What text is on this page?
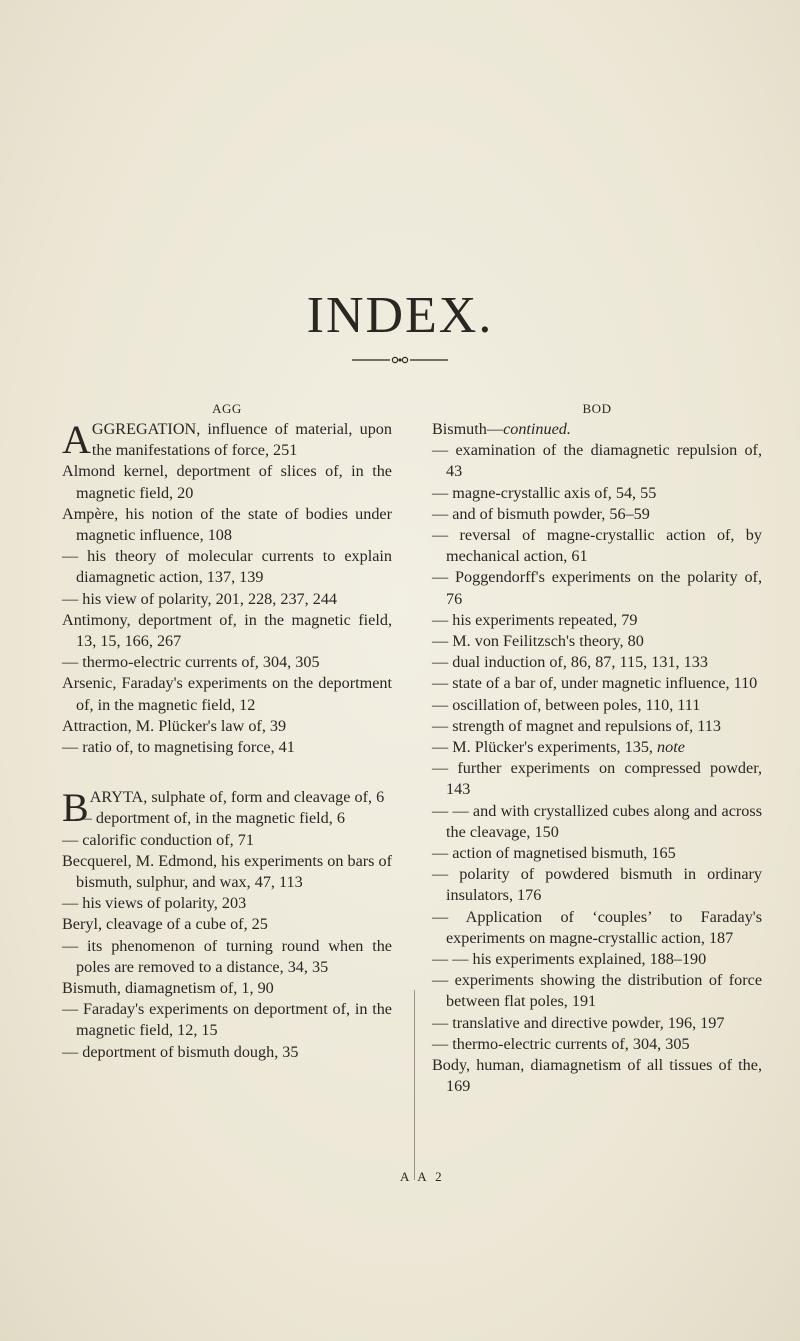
INDEX.
AGG

AGGREGATION, influence of material, upon the manifestations of force, 251

Almond kernel, deportment of slices of, in the magnetic field, 20

Ampère, his notion of the state of bodies under magnetic influence, 108

— his theory of molecular currents to explain diamagnetic action, 137, 139

— his view of polarity, 201, 228, 237, 244

Antimony, deportment of, in the magnetic field, 13, 15, 166, 267

— thermo-electric currents of, 304, 305

Arsenic, Faraday's experiments on the deportment of, in the magnetic field, 12

Attraction, M. Plücker's law of, 39

— ratio of, to magnetising force, 41

BARYTA, sulphate of, form and cleavage of, 6

— deportment of, in the magnetic field, 6

— calorific conduction of, 71

Becquerel, M. Edmond, his experiments on bars of bismuth, sulphur, and wax, 47, 113

— his views of polarity, 203

Beryl, cleavage of a cube of, 25

— its phenomenon of turning round when the poles are removed to a distance, 34, 35

Bismuth, diamagnetism of, 1, 90

— Faraday's experiments on deportment of, in the magnetic field, 12, 15

— deportment of bismuth dough, 35

BOD

Bismuth—continued.

— examination of the diamagnetic repulsion of, 43

— magne-crystallic axis of, 54, 55

— and of bismuth powder, 56–59

— reversal of magne-crystallic action of, by mechanical action, 61

— Poggendorff's experiments on the polarity of, 76

— his experiments repeated, 79

— M. von Feilitzsch's theory, 80

— dual induction of, 86, 87, 115, 131, 133

— state of a bar of, under magnetic influence, 110

— oscillation of, between poles, 110, 111

— strength of magnet and repulsions of, 113

— M. Plücker's experiments, 135, note

— further experiments on compressed powder, 143

— — and with crystallized cubes along and across the cleavage, 150

— action of magnetised bismuth, 165

— polarity of powdered bismuth in ordinary insulators, 176

— Application of ‘couples’ to Faraday's experiments on magne-crystallic action, 187

— — his experiments explained, 188–190

— experiments showing the distribution of force between flat poles, 191

— translative and directive powder, 196, 197

— thermo-electric currents of, 304, 305

Body, human, diamagnetism of all tissues of the, 169

A A 2
